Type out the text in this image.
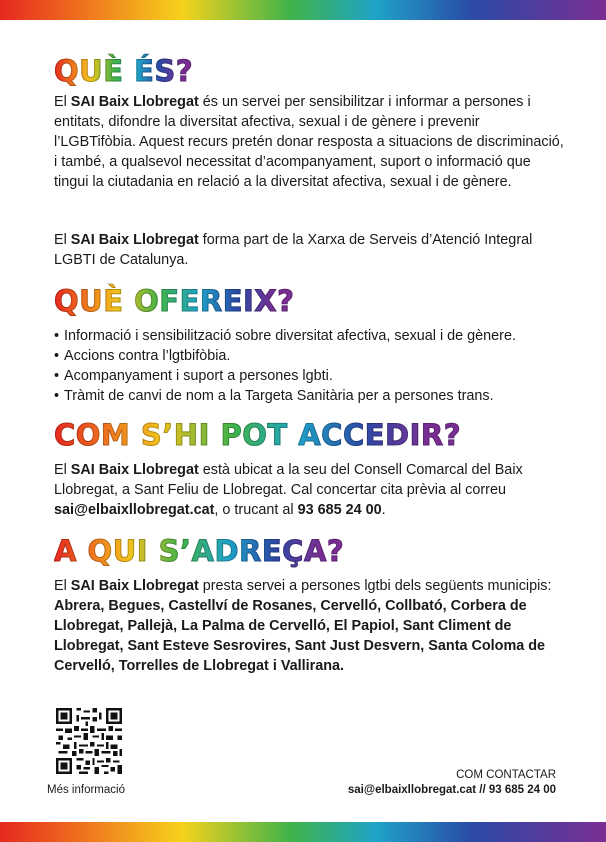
QUÈ ÉS?

El SAI Baix Llobregat és un servei per sensibilitzar i informar a persones i entitats, difondre la diversitat afectiva, sexual i de gènere i prevenir l’LGBTifòbia. Aquest recurs pretén donar resposta a situacions de discriminació, i també, a qualsevol necessitat d’acompanyament, suport o informació que tingui la ciutadania en relació a la diversitat afectiva, sexual i de gènere.

El SAI Baix Llobregat forma part de la Xarxa de Serveis d’Atenció Integral LGBTI de Catalunya.

QUÈ OFEREIX?
• Informació i sensibilització sobre diversitat afectiva, sexual i de gènere.
• Accions contra l’lgtbifòbia.
• Acompanyament i suport a persones lgbti.
• Tràmit de canvi de nom a la Targeta Sanitària per a persones trans.
COM S’HI POT ACCEDIR?

El SAI Baix Llobregat està ubicat a la seu del Consell Comarcal del Baix Llobregat, a Sant Feliu de Llobregat. Cal concertar cita prèvia al correu sai@elbaixllobregat.cat, o trucant al 93 685 24 00.

A QUI S’ADREÇA?

El SAI Baix Llobregat presta servei a persones lgtbi dels següents municipis: Abrera, Begues, Castellví de Rosanes, Cervelló, Collbató, Corbera de Llobregat, Pallejà, La Palma de Cervelló, El Papiol, Sant Climent de Llobregat, Sant Esteve Sesrovires, Sant Just Desvern, Santa Coloma de Cervelló, Torrelles de Llobregat i Vallirana.

Més informació
COM CONTACTAR
sai@elbaixllobregat.cat // 93 685 24 00
